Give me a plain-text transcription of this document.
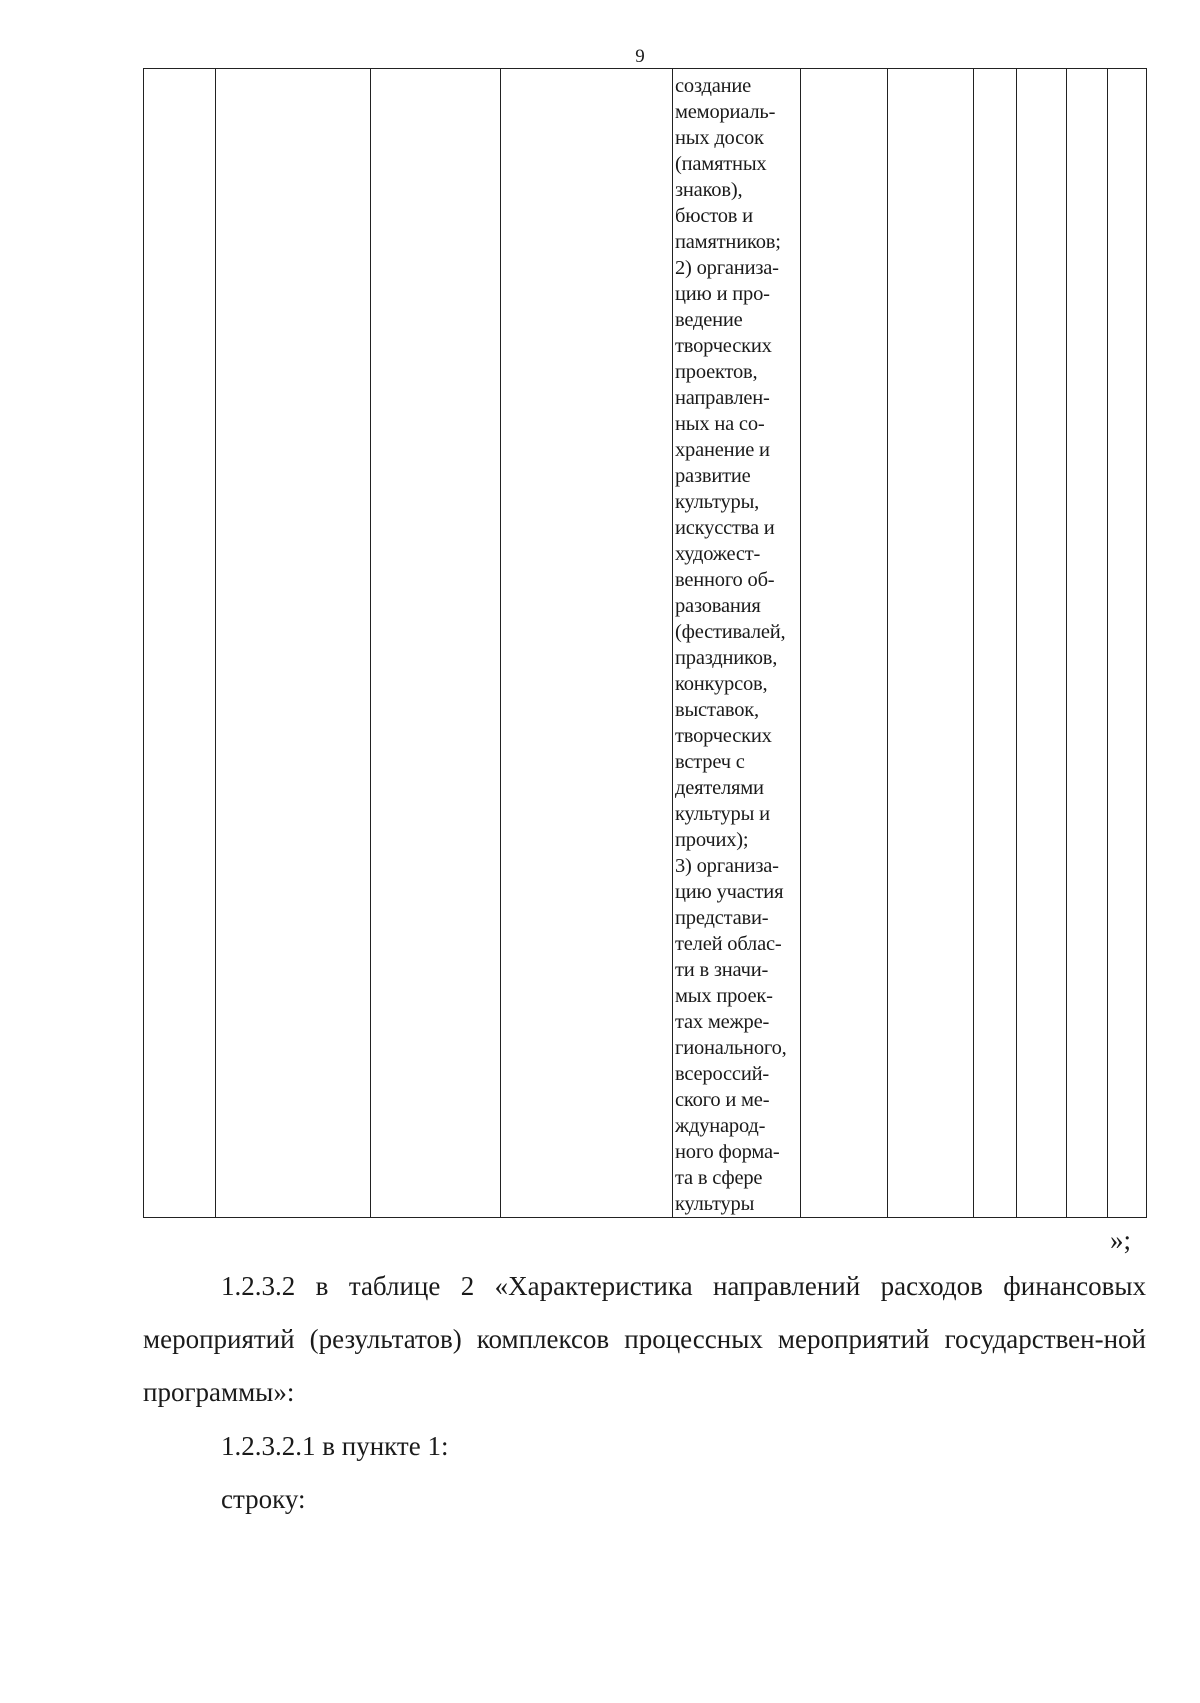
9
				создание
мемориаль-
ных досок
(памятных
знаков),
бюстов и
памятников;
2) организа-
цию и про-
ведение
творческих
проектов,
направлен-
ных на со-
хранение и
развитие
культуры,
искусства и
художест-
венного об-
разования
(фестивалей,
праздников,
конкурсов,
выставок,
творческих
встреч с
деятелями
культуры и
прочих);
3) организа-
цию участия
представи-
телей облас-
ти в значи-
мых проек-
тах межре-
гионального,
всероссий-
ского и ме-
ждународ-
ного форма-
та в сфере
культуры						
»;
1.2.3.2 в таблице 2 «Характеристика направлений расходов финансовых мероприятий (результатов) комплексов процессных мероприятий государствен-ной программы»:
1.2.3.2.1 в пункте 1:
строку:
